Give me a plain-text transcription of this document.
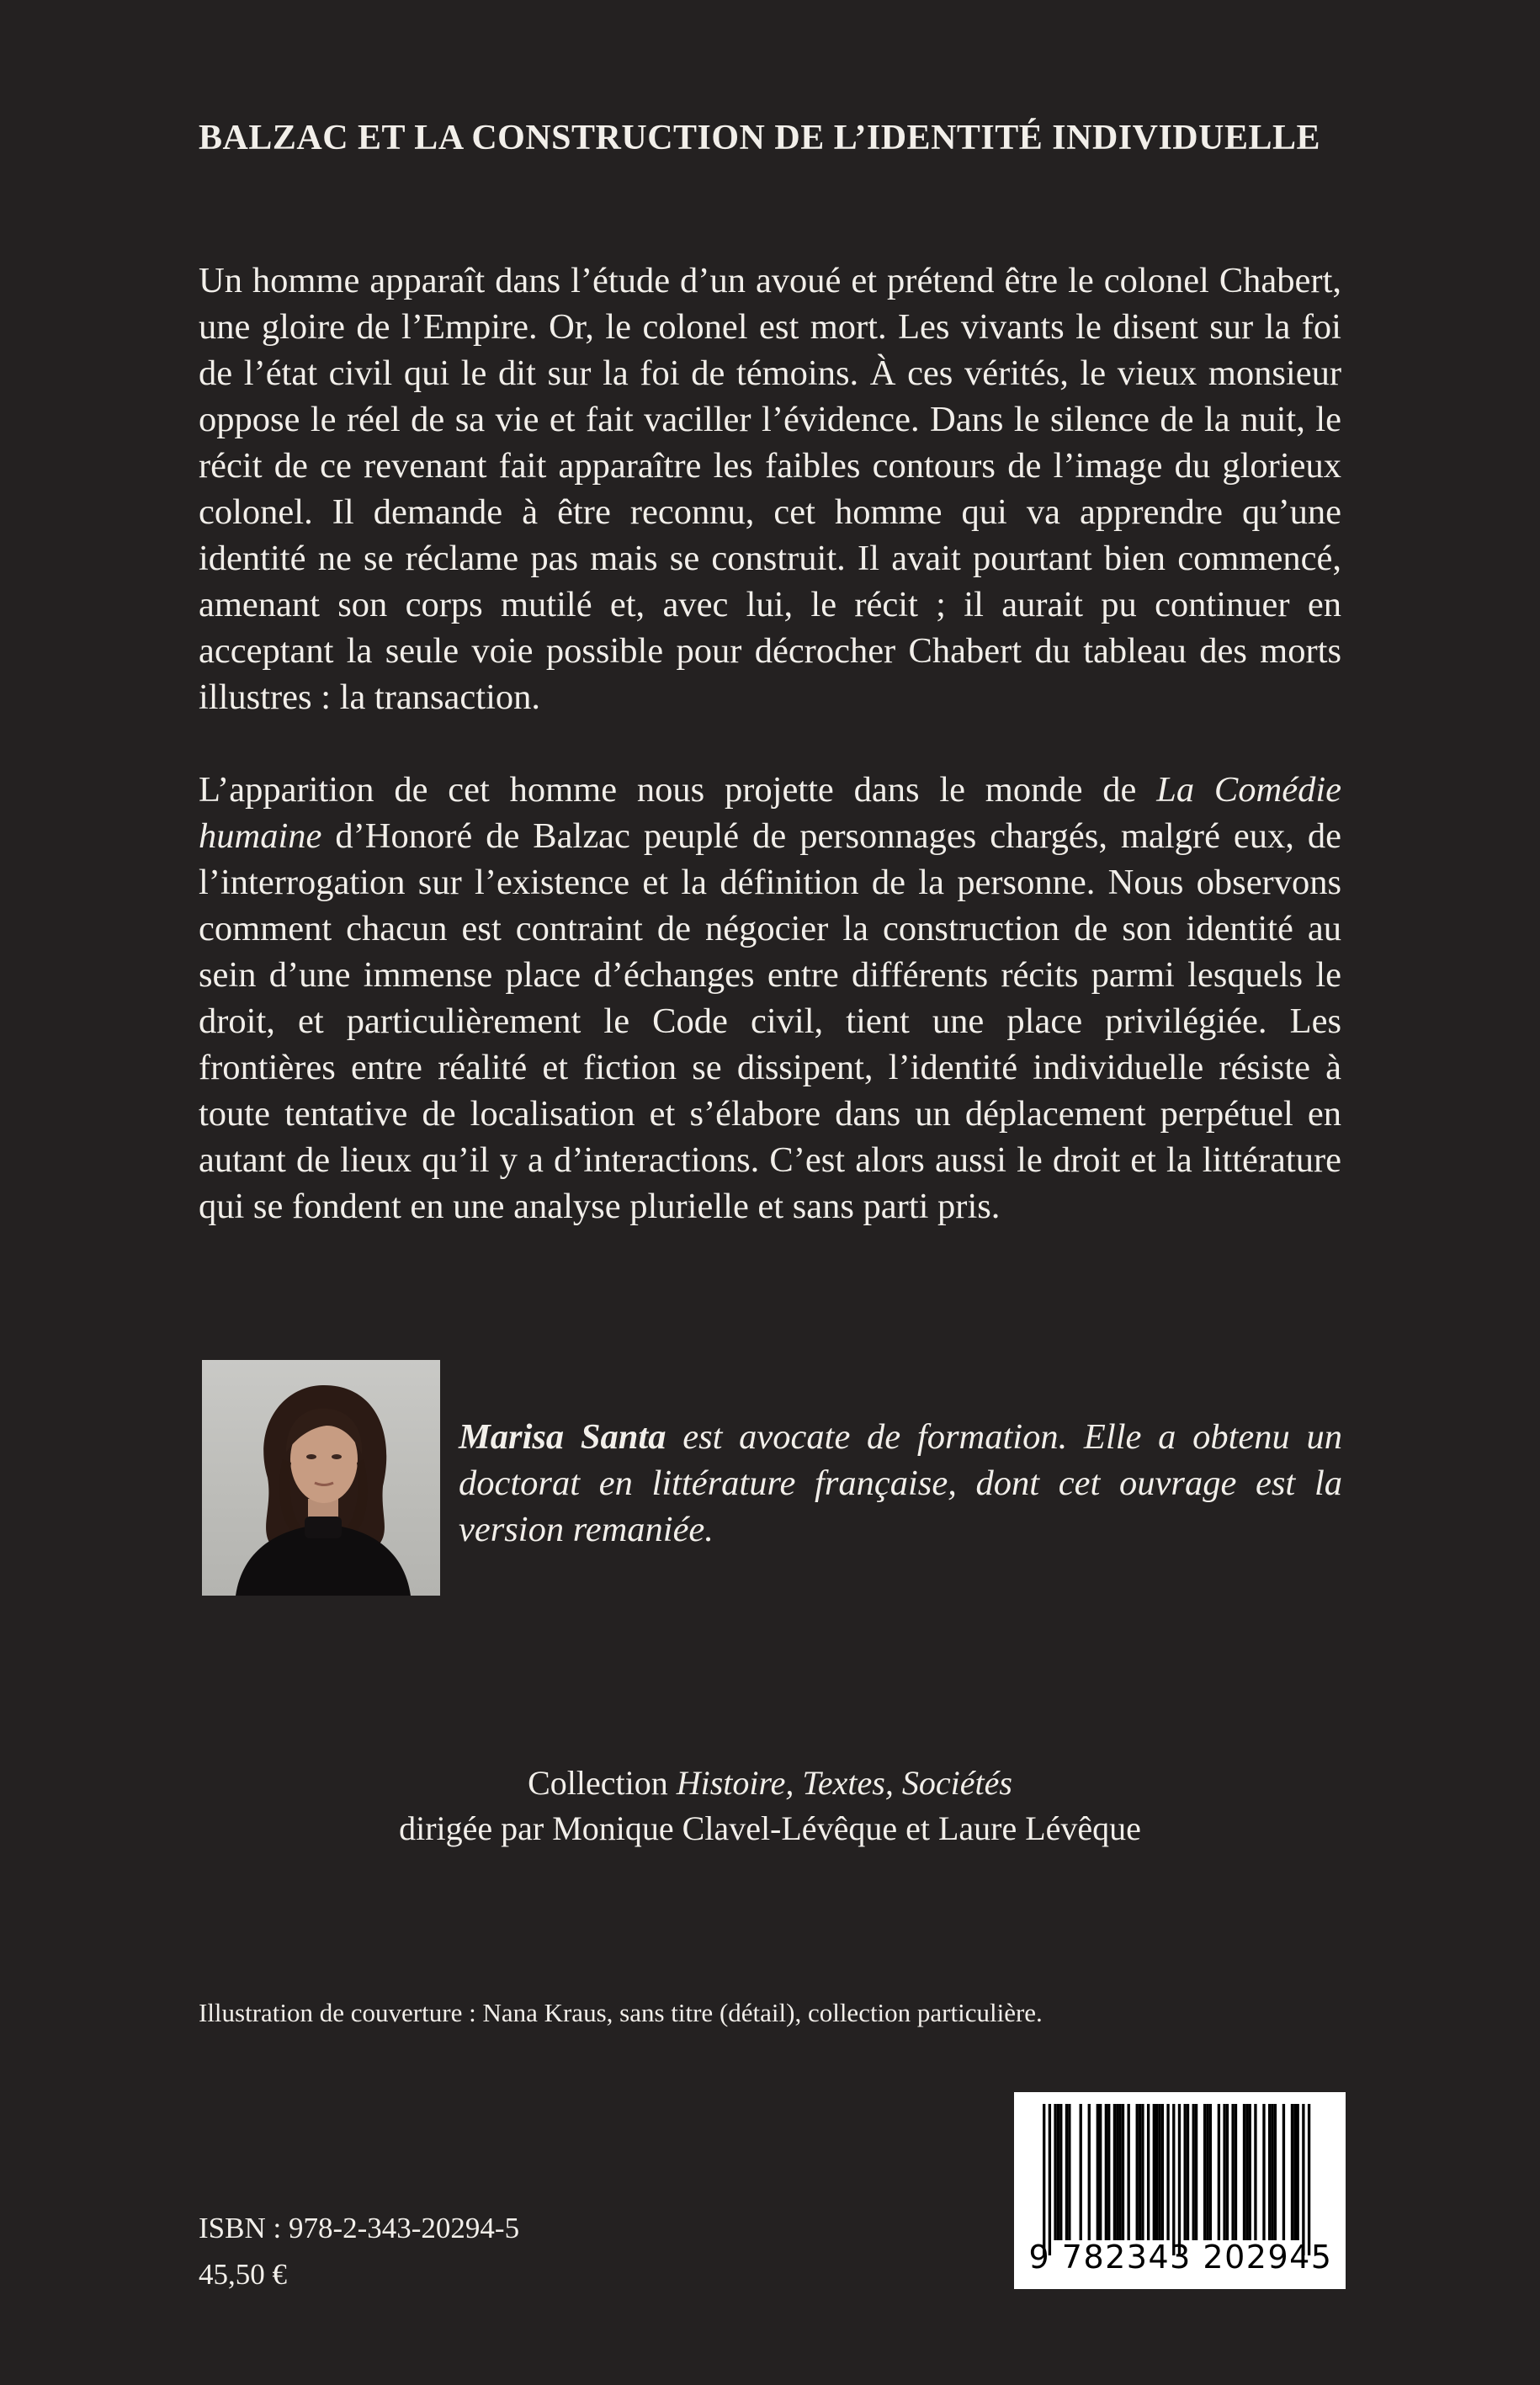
BALZAC ET LA CONSTRUCTION DE L’IDENTITÉ INDIVIDUELLE

Un homme apparaît dans l’étude d’un avoué et prétend être le colonel Chabert, une gloire de l’Empire. Or, le colonel est mort. Les vivants le disent sur la foi de l’état civil qui le dit sur la foi de témoins. À ces vérités, le vieux monsieur oppose le réel de sa vie et fait vaciller l’évidence. Dans le silence de la nuit, le récit de ce revenant fait apparaître les faibles contours de l’image du glorieux colonel. Il demande à être reconnu, cet homme qui va apprendre qu’une identité ne se réclame pas mais se construit. Il avait pourtant bien commencé, amenant son corps mutilé et, avec lui, le récit ; il aurait pu continuer en acceptant la seule voie possible pour décrocher Chabert du tableau des morts illustres : la transaction.

L’apparition de cet homme nous projette dans le monde de La Comédie humaine d’Honoré de Balzac peuplé de personnages chargés, malgré eux, de l’interrogation sur l’existence et la définition de la personne. Nous observons comment chacun est contraint de négocier la construction de son identité au sein d’une immense place d’échanges entre différents récits parmi lesquels le droit, et particulièrement le Code civil, tient une place privilégiée. Les frontières entre réalité et fiction se dissipent, l’identité individuelle résiste à toute tentative de localisation et s’élabore dans un déplacement perpétuel en autant de lieux qu’il y a d’interactions. C’est alors aussi le droit et la littérature qui se fondent en une analyse plurielle et sans parti pris.

Marisa Santa est avocate de formation. Elle a obtenu un doctorat en littérature française, dont cet ouvrage est la version remaniée.

Collection Histoire, Textes, Sociétés
dirigée par Monique Clavel-Lévêque et Laure Lévêque

Illustration de couverture : Nana Kraus, sans titre (détail), collection particulière.

ISBN : 978-2-343-20294-5

45,50 €	9 782343 202945
